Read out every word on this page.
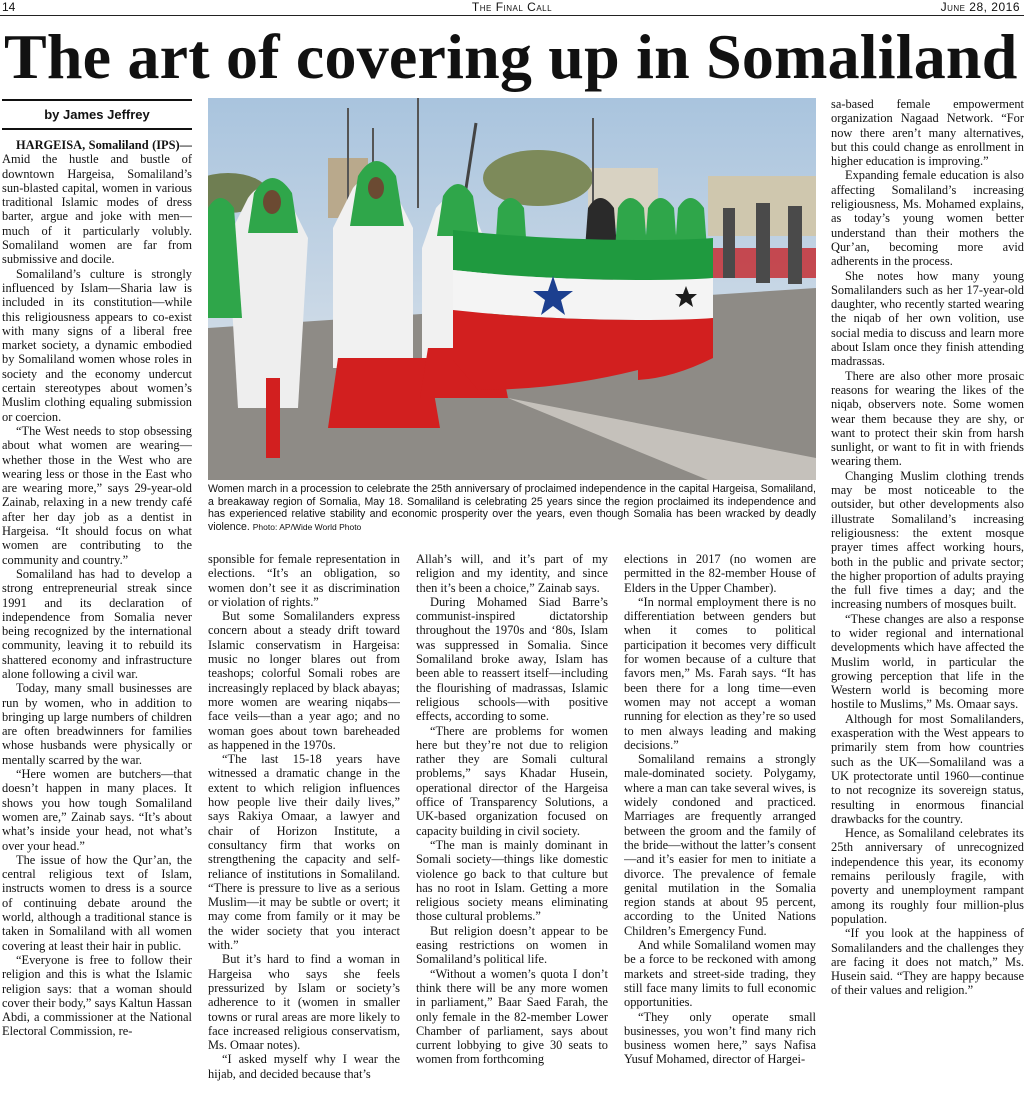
14	The Final Call	June 28, 2016
The art of covering up in Somaliland
by James Jeffrey

HARGEISA, Somaliland (IPS)—Amid the hustle and bustle of downtown Hargeisa, Somaliland’s sun-blasted capital, women in various traditional Islamic modes of dress barter, argue and joke with men—much of it particularly volubly. Somaliland women are far from submissive and docile.

Somaliland’s culture is strongly influenced by Islam—Sharia law is included in its constitution—while this religiousness appears to co-exist with many signs of a liberal free market society, a dynamic embodied by Somaliland women whose roles in society and the economy undercut certain stereotypes about women’s Muslim clothing equaling submission or coercion.

“The West needs to stop obsessing about what women are wearing—whether those in the West who are wearing less or those in the East who are wearing more,” says 29-year-old Zainab, relaxing in a new trendy café after her day job as a dentist in Hargeisa. “It should focus on what women are contributing to the community and country.”

Somaliland has had to develop a strong entrepreneurial streak since 1991 and its declaration of independence from Somalia never being recognized by the international community, leaving it to rebuild its shattered economy and infrastructure alone following a civil war.

Today, many small businesses are run by women, who in addition to bringing up large numbers of children are often breadwinners for families whose husbands were physically or mentally scarred by the war.

“Here women are butchers—that doesn’t happen in many places. It shows you how tough Somaliland women are,” Zainab says. “It’s about what’s inside your head, not what’s over your head.”

The issue of how the Qur’an, the central religious text of Islam, instructs women to dress is a source of continuing debate around the world, although a traditional stance is taken in Somaliland with all women covering at least their hair in public.

“Everyone is free to follow their religion and this is what the Islamic religion says: that a woman should cover their body,” says Kaltun Hassan Abdi, a commissioner at the National Electoral Commission, re-

Women march in a procession to celebrate the 25th anniversary of proclaimed independence in the capital Hargeisa, Somaliland, a breakaway region of Somalia, May 18. Somaliland is celebrating 25 years since the region proclaimed its independence and has experienced relative stability and economic prosperity over the years, even though Somalia has been wracked by deadly violence. Photo: AP/Wide World Photo

sponsible for female representation in elections. “It’s an obligation, so women don’t see it as discrimination or violation of rights.”

But some Somalilanders express concern about a steady drift toward Islamic conservatism in Hargeisa: music no longer blares out from teashops; colorful Somali robes are increasingly replaced by black abayas; more women are wearing niqabs—face veils—than a year ago; and no woman goes about town bareheaded as happened in the 1970s.

“The last 15-18 years have witnessed a dramatic change in the extent to which religion influences how people live their daily lives,” says Rakiya Omaar, a lawyer and chair of Horizon Institute, a consultancy firm that works on strengthening the capacity and self-reliance of institutions in Somaliland. “There is pressure to live as a serious Muslim—it may be subtle or overt; it may come from family or it may be the wider society that you interact with.”

But it’s hard to find a woman in Hargeisa who says she feels pressurized by Islam or society’s adherence to it (women in smaller towns or rural areas are more likely to face increased religious conservatism, Ms. Omaar notes).

“I asked myself why I wear the hijab, and decided because that’s

Allah’s will, and it’s part of my religion and my identity, and since then it’s been a choice,” Zainab says.

During Mohamed Siad Barre’s communist-inspired dictatorship throughout the 1970s and ‘80s, Islam was suppressed in Somalia. Since Somaliland broke away, Islam has been able to reassert itself—including the flourishing of madrassas, Islamic religious schools—with positive effects, according to some.

“There are problems for women here but they’re not due to religion rather they are Somali cultural problems,” says Khadar Husein, operational director of the Hargeisa office of Transparency Solutions, a UK-based organization focused on capacity building in civil society.

“The man is mainly dominant in Somali society—things like domestic violence go back to that culture but has no root in Islam. Getting a more religious society means eliminating those cultural problems.”

But religion doesn’t appear to be easing restrictions on women in Somaliland’s political life.

“Without a women’s quota I don’t think there will be any more women in parliament,” Baar Saed Farah, the only female in the 82-member Lower Chamber of parliament, says about current lobbying to give 30 seats to women from forthcoming

elections in 2017 (no women are permitted in the 82-member House of Elders in the Upper Chamber).

“In normal employment there is no differentiation between genders but when it comes to political participation it becomes very difficult for women because of a culture that favors men,” Ms. Farah says. “It has been there for a long time—even women may not accept a woman running for election as they’re so used to men always leading and making decisions.”

Somaliland remains a strongly male-dominated society. Polygamy, where a man can take several wives, is widely condoned and practiced. Marriages are frequently arranged between the groom and the family of the bride—without the latter’s consent—and it’s easier for men to initiate a divorce. The prevalence of female genital mutilation in the Somalia region stands at about 95 percent, according to the United Nations Children’s Emergency Fund.

And while Somaliland women may be a force to be reckoned with among markets and street-side trading, they still face many limits to full economic opportunities.

“They only operate small businesses, you won’t find many rich business women here,” says Nafisa Yusuf Mohamed, director of Hargei-

sa-based female empowerment organization Nagaad Network. “For now there aren’t many alternatives, but this could change as enrollment in higher education is improving.”

Expanding female education is also affecting Somaliland’s increasing religiousness, Ms. Mohamed explains, as today’s young women better understand than their mothers the Qur’an, becoming more avid adherents in the process.

She notes how many young Somalilanders such as her 17-year-old daughter, who recently started wearing the niqab of her own volition, use social media to discuss and learn more about Islam once they finish attending madrassas.

There are also other more prosaic reasons for wearing the likes of the niqab, observers note. Some women wear them because they are shy, or want to protect their skin from harsh sunlight, or want to fit in with friends wearing them.

Changing Muslim clothing trends may be most noticeable to the outsider, but other developments also illustrate Somaliland’s increasing religiousness: the extent mosque prayer times affect working hours, both in the public and private sector; the higher proportion of adults praying the full five times a day; and the increasing numbers of mosques built.

“These changes are also a response to wider regional and international developments which have affected the Muslim world, in particular the growing perception that life in the Western world is becoming more hostile to Muslims,” Ms. Omaar says.

Although for most Somalilanders, exasperation with the West appears to primarily stem from how countries such as the UK—Somaliland was a UK protectorate until 1960—continue to not recognize its sovereign status, resulting in enormous financial drawbacks for the country.

Hence, as Somaliland celebrates its 25th anniversary of unrecognized independence this year, its economy remains perilously fragile, with poverty and unemployment rampant among its roughly four million-plus population.

“If you look at the happiness of Somalilanders and the challenges they are facing it does not match,” Ms. Husein said. “They are happy because of their values and religion.”
